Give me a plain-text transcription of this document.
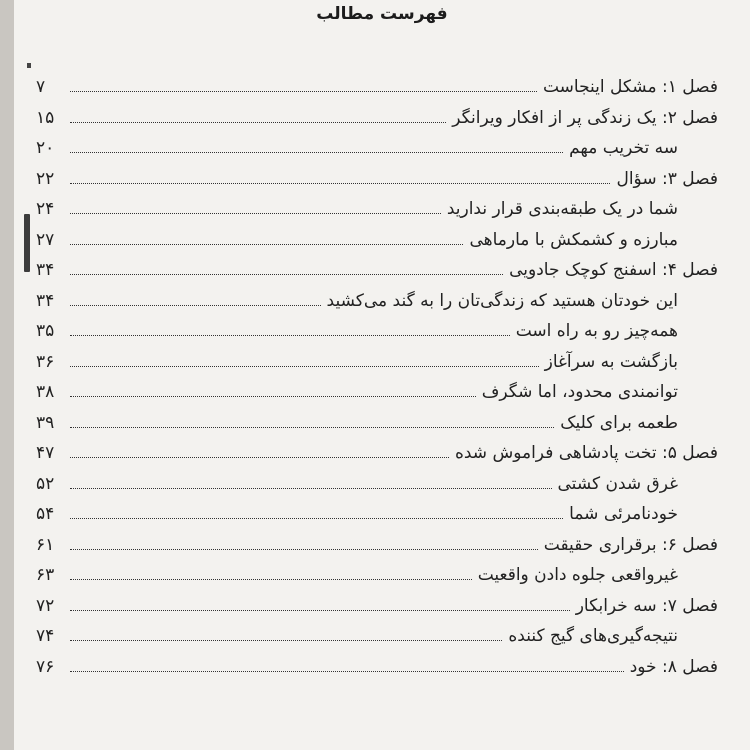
فهرست مطالب
فصل ۱: مشکل اینجاست
۷
فصل ۲: یک زندگی پر از افکار ویرانگر
۱۵
سه تخریب مهم
۲۰
فصل ۳: سؤال
۲۲
شما در یک طبقه‌بندی قرار ندارید
۲۴
مبارزه و کشمکش با مارماهی
۲۷
فصل ۴: اسفنج کوچک جادویی
۳۴
این خودتان هستید که زندگی‌تان را به گند می‌کشید
۳۴
همه‌چیز رو به راه است
۳۵
بازگشت به سرآغاز
۳۶
توانمندی محدود، اما شگرف
۳۸
طعمه برای کلیک
۳۹
فصل ۵: تخت پادشاهی فراموش شده
۴۷
غرق شدن کشتی
۵۲
خودنامرئی شما
۵۴
فصل ۶: برقراری حقیقت
۶۱
غیرواقعی جلوه دادن واقعیت
۶۳
فصل ۷: سه خرابکار
۷۲
نتیجه‌گیری‌های گیج کننده
۷۴
فصل ۸: خود
۷۶
